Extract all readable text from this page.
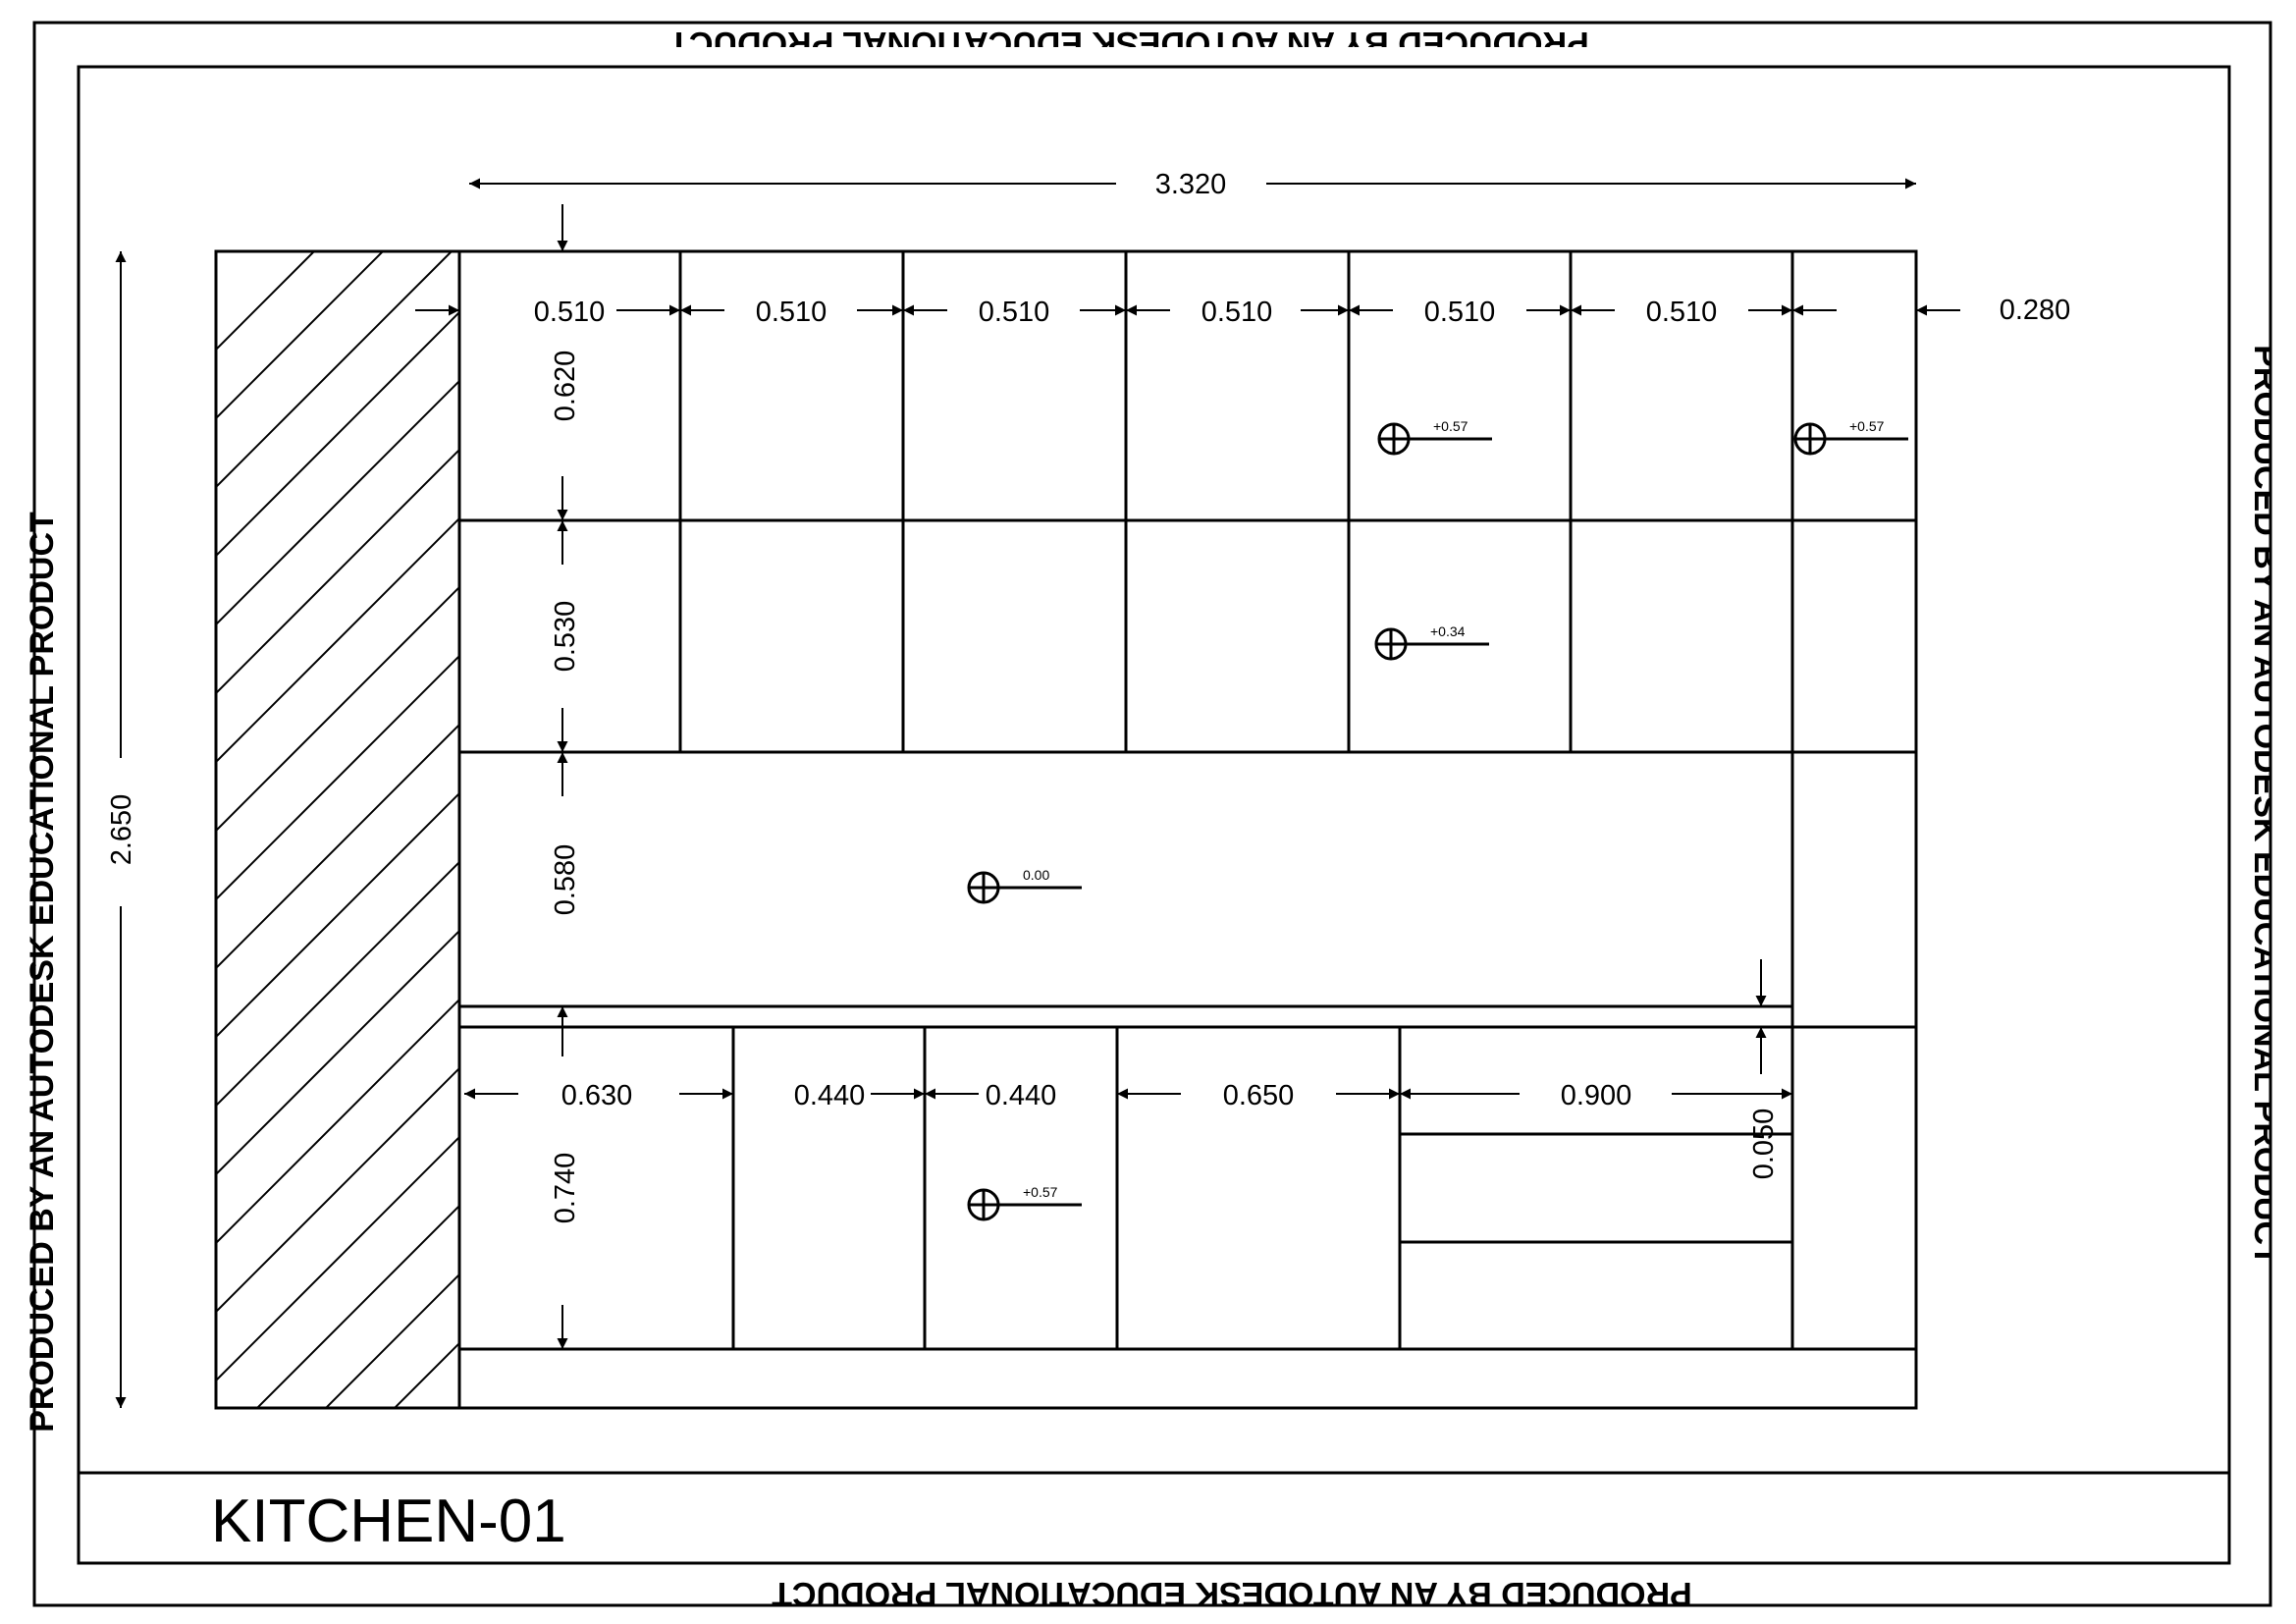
KITCHEN-01
PRODUCED BY AN AUTODESK EDUCATIONAL PRODUCT
PRODUCED BY AN AUTODESK EDUCATIONAL PRODUCT
PRODUCED BY AN AUTODESK EDUCATIONAL PRODUCT
PRODUCED BY AN AUTODESK EDUCATIONAL PRODUCT
3.320
2.650
0.510	0.510	0.510	0.510	0.510	0.510	0.280
0.620
0.530
0.580
0.740
0.630	0.440	0.440	0.650	0.900
0.050
+0.57	+0.57
+0.34
0.00
+0.57
